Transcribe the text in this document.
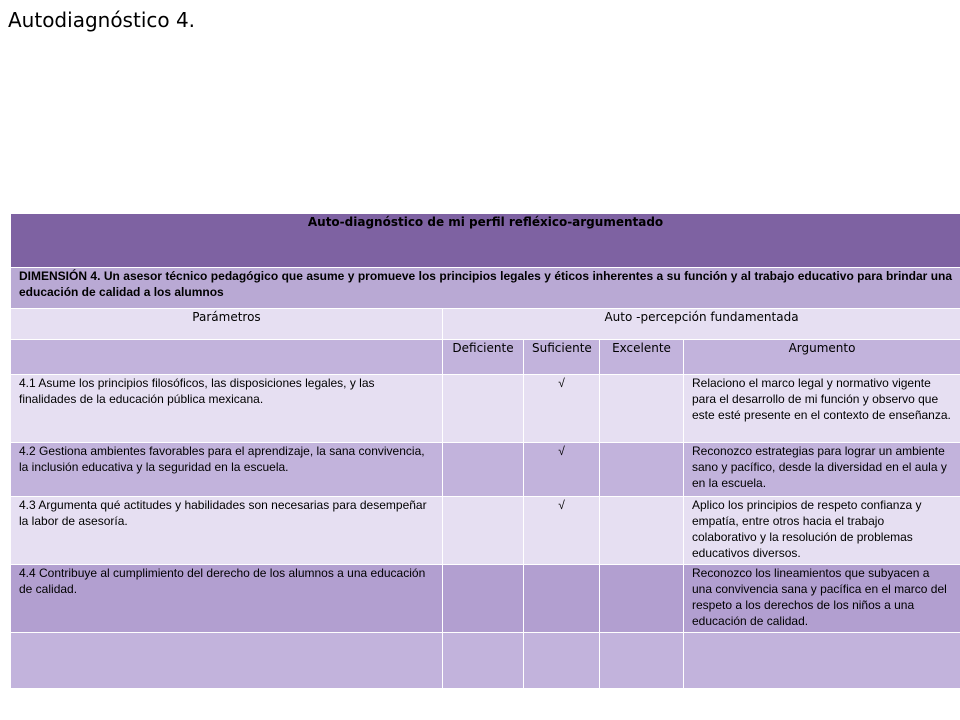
Autodiagnóstico 4.
Auto-diagnóstico de mi perfil refléxico-argumentado				
DIMENSIÓN 4. Un asesor técnico pedagógico que asume y promueve los principios legales y éticos inherentes a su función y al trabajo educativo para brindar una educación de calidad a los alumnos				
Parámetros	Auto -percepción fundamentada			
	Deficiente	Suficiente	Excelente	Argumento
4.1 Asume los principios filosóficos, las disposiciones legales, y las finalidades de la educación pública mexicana.		√		Relaciono el marco legal y normativo vigente para el desarrollo de mi función y observo que este esté presente en el contexto de enseñanza.
4.2 Gestiona ambientes favorables para el aprendizaje, la sana convivencia, la inclusión educativa y la seguridad en la escuela.		√		Reconozco estrategias para lograr un ambiente sano y pacífico, desde la diversidad en el aula y en la escuela.
4.3 Argumenta qué actitudes y habilidades son necesarias para desempeñar la labor de asesoría.		√		Aplico los principios de respeto confianza y empatía, entre otros hacia el trabajo colaborativo y la resolución de problemas educativos diversos.
4.4 Contribuye al cumplimiento del derecho de los alumnos a una educación de calidad.				Reconozco los lineamientos que subyacen a una convivencia sana y pacífica en el marco del respeto a los derechos de los niños a una educación de calidad.
